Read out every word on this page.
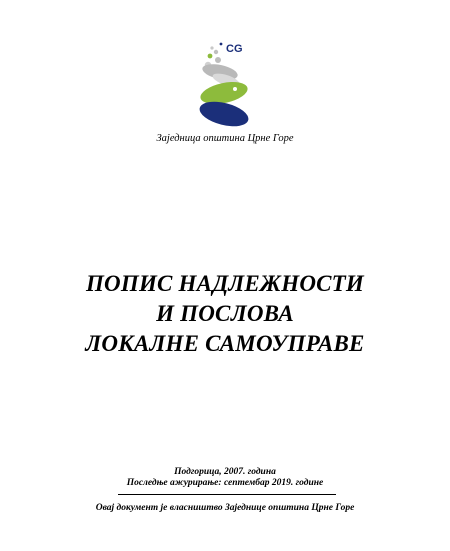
CG
Заједница општина Црне Горе
ПОПИС НАДЛЕЖНОСТИ
И ПОСЛОВА
ЛОКАЛНЕ САМОУПРАВЕ
Подгорица, 2007. година
Последње ажурирање: септембар 2019. године
Овај документ је власништво Заједнице општина Црне Горе
